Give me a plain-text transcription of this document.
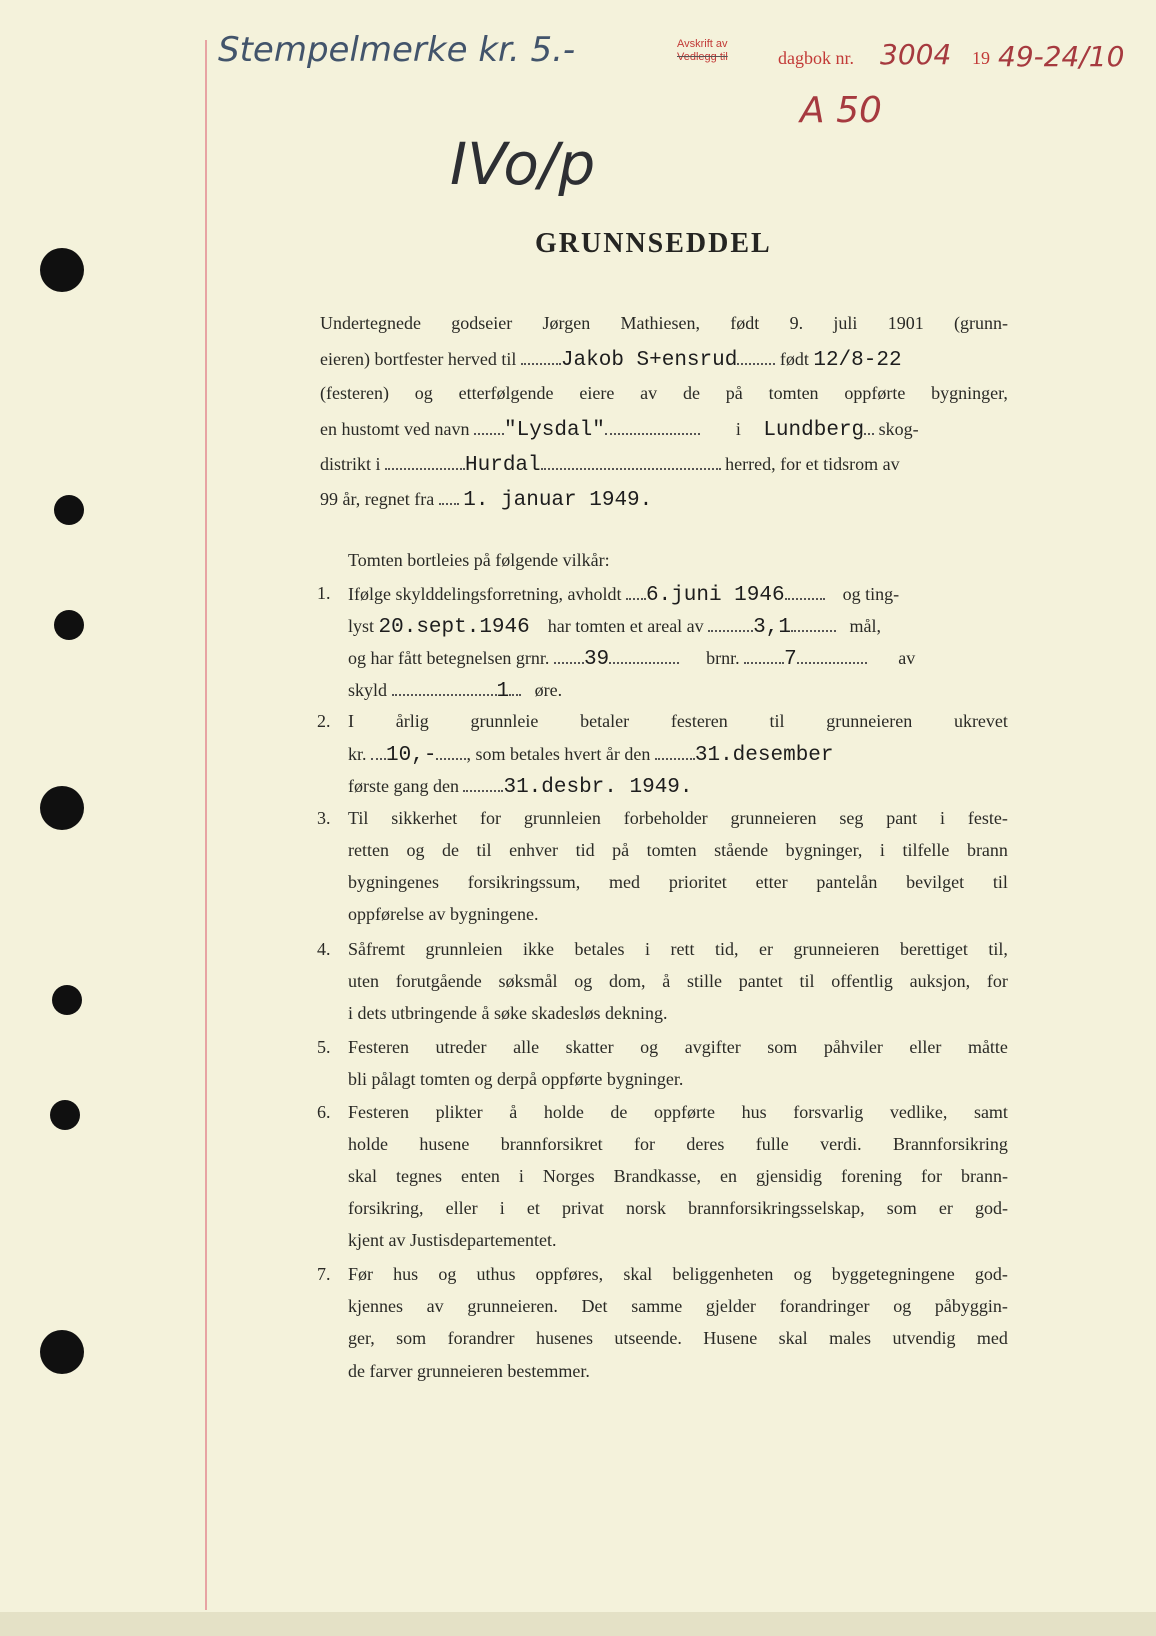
Stempelmerke kr. 5.-	Avskrift av
Vedlegg til	dagbok nr. 3004 19 49-24/10
A 50
IVo/p
GRUNNSEDDEL
Undertegnede godseier Jørgen Mathiesen, født 9. juli 1901 (grunn-
eieren) bortfester herved til Jakob S+ensrud født 12/8-22
(festeren) og etterfølgende eiere av de på tomten oppførte bygninger,
en hustomt ved navn "Lysdal"	i Lundberg skog-
distrikt i	Hurdal	herred, for et tidsrom av
99 år, regnet fra 1. januar 1949.
Tomten bortleies på følgende vilkår:
1. Ifølge skylddelingsforretning, avholdt 6.juni 1946	og ting-
lyst 20.sept.1946 har tomten et areal av 3,1	mål,
og har fått betegnelsen grnr. 39	brnr. 7	av
skyld	1 øre.
2. I årlig grunnleie betaler festeren til grunneieren ukrevet
kr. 10,- , som betales hvert år den 31.desember
første gang den 31.desbr. 1949.
3. Til sikkerhet for grunnleien forbeholder grunneieren seg pant i feste-
retten og de til enhver tid på tomten stående bygninger, i tilfelle brann
bygningenes forsikringssum, med prioritet etter pantelån bevilget til
oppførelse av bygningene.
4. Såfremt grunnleien ikke betales i rett tid, er grunneieren berettiget til,
uten forutgående søksmål og dom, å stille pantet til offentlig auksjon, for
i dets utbringende å søke skadesløs dekning.
5. Festeren utreder alle skatter og avgifter som påhviler eller måtte
bli pålagt tomten og derpå oppførte bygninger.
6. Festeren plikter å holde de oppførte hus forsvarlig vedlike, samt
holde husene brannforsikret for deres fulle verdi. Brannforsikring
skal tegnes enten i Norges Brandkasse, en gjensidig forening for brann-
forsikring, eller i et privat norsk brannforsikringsselskap, som er god-
kjent av Justisdepartementet.
7. Før hus og uthus oppføres, skal beliggenheten og byggetegningene god-
kjennes av grunneieren. Det samme gjelder forandringer og påbyggin-
ger, som forandrer husenes utseende. Husene skal males utvendig med
de farver grunneieren bestemmer.
